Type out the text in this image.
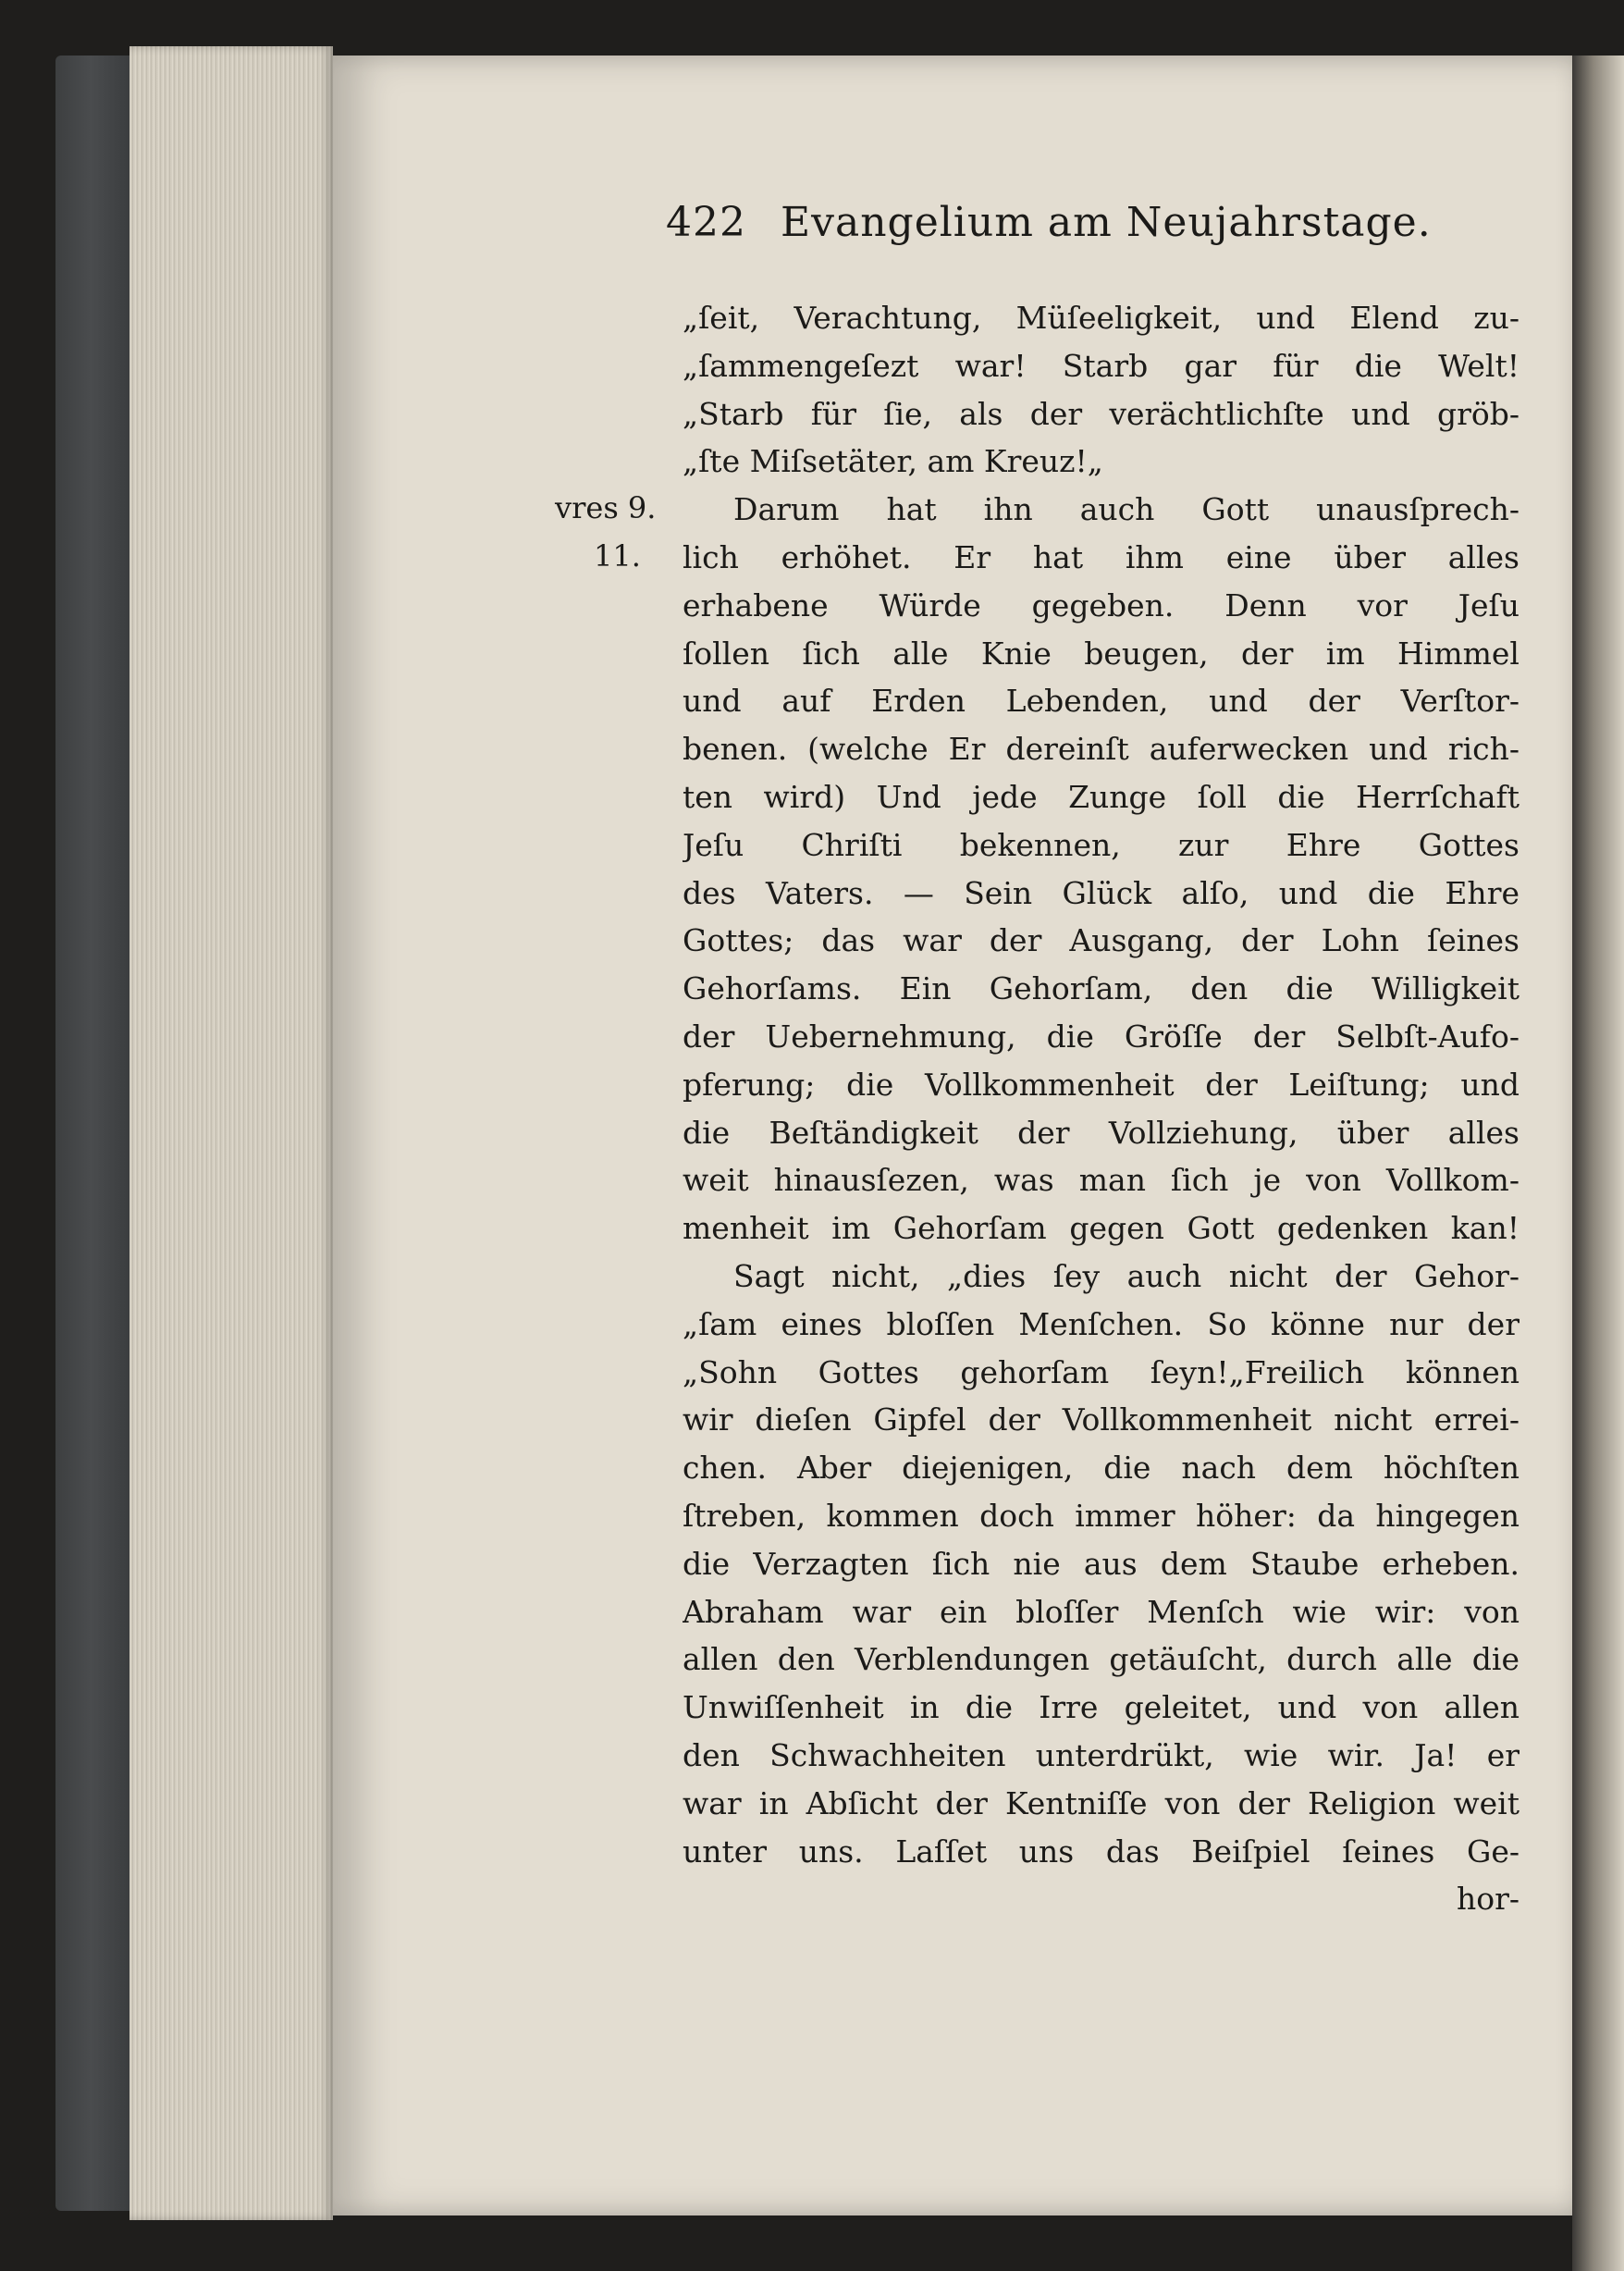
422 Evangelium am Neujahrstage.
vres 9.
11.
„ſeit, Verachtung, Müſeeligkeit, und Elend zu‑
„ſammengeſezt war! Starb gar für die Welt!
„Starb für ſie, als der verächtlichſte und gröb‑
„ſte Miſsetäter, am Kreuz!„
Darum hat ihn auch Gott unausſprech‑
lich erhöhet. Er hat ihm eine über alles
erhabene Würde gegeben. Denn vor Jeſu
ſollen ſich alle Knie beugen, der im Himmel
und auf Erden Lebenden, und der Verſtor‑
benen. (welche Er dereinſt auferwecken und rich‑
ten wird) Und jede Zunge ſoll die Herrſchaft
Jeſu Chriſti bekennen, zur Ehre Gottes
des Vaters. — Sein Glück alſo, und die Ehre
Gottes; das war der Ausgang, der Lohn ſeines
Gehorſams. Ein Gehorſam, den die Willigkeit
der Uebernehmung, die Gröſſe der Selbſt‑Aufo‑
pferung; die Vollkommenheit der Leiſtung; und
die Beſtändigkeit der Vollziehung, über alles
weit hinausſezen, was man ſich je von Vollkom‑
menheit im Gehorſam gegen Gott gedenken kan!
Sagt nicht, „dies ſey auch nicht der Gehor‑
„ſam eines bloſſen Menſchen. So könne nur der
„Sohn Gottes gehorſam ſeyn!„Freilich können
wir dieſen Gipfel der Vollkommenheit nicht errei‑
chen. Aber diejenigen, die nach dem höchſten
ſtreben, kommen doch immer höher: da hingegen
die Verzagten ſich nie aus dem Staube erheben.
Abraham war ein bloſſer Menſch wie wir: von
allen den Verblendungen getäuſcht, durch alle die
Unwiſſenheit in die Irre geleitet, und von allen
den Schwachheiten unterdrükt, wie wir. Ja! er
war in Abſicht der Kentniſſe von der Religion weit
unter uns. Laſſet uns das Beiſpiel ſeines Ge‑
hor‑
